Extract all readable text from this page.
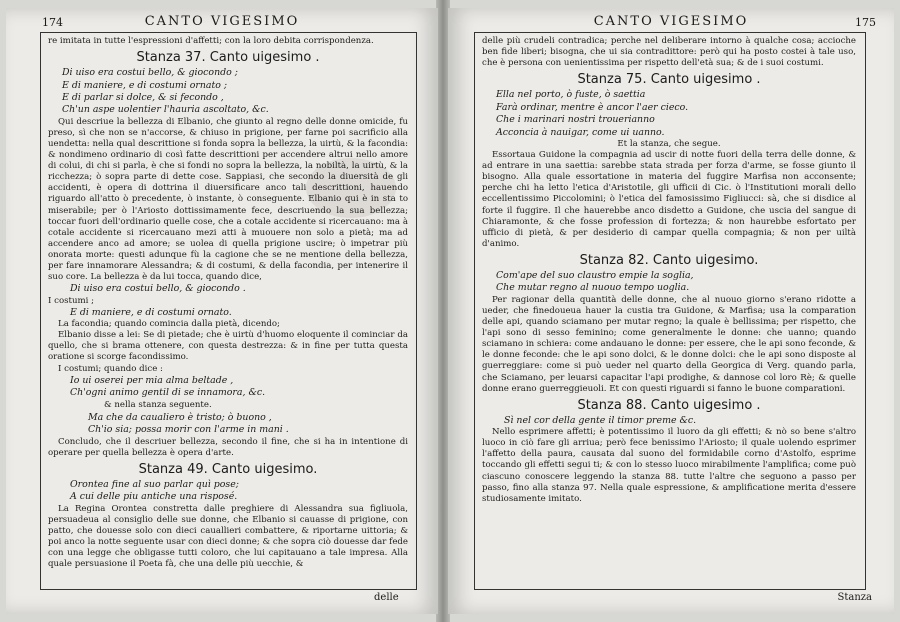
174	CANTO VIGESIMO

re imitata in tutte l'espressioni d'affetti; con la loro debita corrispondenza.

Stanza 37. Canto uigesimo .

Di uiso era costui bello, & giocondo ;

E di maniere, e di costumi ornato ;

E di parlar si dolce, & si fecondo ,

Ch'un aspe uolentier l'hauria ascoltato, &c.

Qui descriue la bellezza di Elbanio, che giunto al regno delle donne omicide, fu preso, sì che non se n'accorse, & chiuso in prigione, per farne poi sacrificio alla uendetta: nella qual descrittione si fonda sopra la bellezza, la uirtù, & la facondia: & nondimeno ordinario di così fatte descrittioni per accendere altrui nello amore di colui, di chi si parla, è che si fondi no sopra la bellezza, la nobiltà, la uirtù, & la ricchezza; ò sopra parte di dette cose. Sappiasi, che secondo la diuersità de gli accidenti, è opera di dottrina il diuersificare anco tali descrittioni, hauendo riguardo all'atto ò precedente, ò instante, ò conseguente. Elbanio qui è in sta to miserabile; per ò l'Ariosto dottissimamente fece, descriuendo la sua bellezza; toccar fuori dell'ordinario quelle cose, che a cotale accidente si ricercauano: ma à cotale accidente si ricercauano mezi atti à muouere non solo a pietà; ma ad accendere anco ad amore; se uolea di quella prigione uscire; ò impetrar più onorata morte: questi adunque fù la cagione che se ne mentione della bellezza, per fare innamorare Alessandra; & di costumi, & della facondia, per intenerire il suo core. La bellezza è da lui tocca, quando dice,

Di uiso era costui bello, & giocondo .

I costumi ;

E di maniere, e di costumi ornato.

La facondia; quando comincia dalla pietà, dicendo;

Elbanio disse a lei: Se di pietade; che è uirtù d'huomo eloquente il cominciar da quello, che si brama ottenere, con questa destrezza: & in fine per tutta questa oratione si scorge facondissimo.

I costumi; quando dice :

Io ui oserei per mia alma beltade ,

Ch'ogni animo gentil di se innamora, &c.

& nella stanza seguente.

Ma che da caualiero è tristo; ò buono ,

Ch'io sia; possa morir con l'arme in mani .

Concludo, che il descriuer bellezza, secondo il fine, che si ha in intentione di operare per quella bellezza è opera d'arte.

Stanza 49. Canto uigesimo.

Orontea fine al suo parlar quì pose;

A cui delle piu antiche una risposé.

La Regina Orontea constretta dalle preghiere di Alessandra sua figliuola, persuadeua al consiglio delle sue donne, che Elbanio si cauasse di prigione, con patto, che douesse solo con dieci cauallieri combattere, & riportarne uittoria; & poi anco la notte seguente usar con dieci donne; & che sopra ciò douesse dar fede con una legge che obligasse tutti coloro, che lui capitauano a tale impresa. Alla quale persuasione il Poeta fà, che una delle più uecchie, &

delle
CANTO VIGESIMO	175

delle più crudeli contradica; perche nel deliberare intorno à qualche cosa; accioche ben fide liberi; bisogna, che ui sia contradittore: però qui ha posto costei à tale uso, che è persona con uenientissima per rispetto dell'età sua; & de i suoi costumi.

Stanza 75. Canto uigesimo .

Ella nel porto, ò fuste, ò saettia

Farà ordinar, mentre è ancor l'aer cieco.

Che i marinari nostri trouerianno

Acconcia à nauigar, come ui uanno.

Et la stanza, che segue.

Essortaua Guidone la compagnia ad uscir di notte fuori della terra delle donne, & ad entrare in una saettia: sarebbe stata strada per forza d'arme, se fosse giunto il bisogno. Alla quale essortatione in materia del fuggire Marfisa non acconsente; perche chi ha letto l'etica d'Aristotile, gli ufficii di Cic. ò l'Institutioni morali dello eccellentissimo Piccolomini; ò l'etica del famosissimo Figliucci: sà, che si disdice al forte il fuggire. Il che hauerebbe anco disdetto a Guidone, che uscia del sangue di Chiaramonte, & che fosse profession di fortezza; & non haurebbe esfortato per ufficio di pietà, & per desiderio di campar quella compagnia; & non per uiltà d'animo.

Stanza 82. Canto uigesimo.

Com'ape del suo claustro empie la soglia,

Che mutar regno al nuouo tempo uoglia.

Per ragionar della quantità delle donne, che al nuouo giorno s'erano ridotte a ueder, che finedoueua hauer la custia tra Guidone, & Marfisa; usa la comparation delle api, quando sciamano per mutar regno; la quale è bellissima; per rispetto, che l'api sono di sesso feminino; come generalmente le donne: che uanno; quando sciamano in schiera: come andauano le donne: per essere, che le api sono feconde, & le donne feconde: che le api sono dolci, & le donne dolci: che le api sono disposte al guerreggiare: come si può ueder nel quarto della Georgica di Verg. quando parla, che Sciamano, per leuarsi capacitar l'api prodighe, & dannose col loro Rè; & quelle donne erano guerreggieuoli. Et con questi riguardi si fanno le buone comparationi.

Stanza 88. Canto uigesimo .

Sì nel cor della gente il timor preme &c.

Nello esprimere affetti; è potentissimo il luoro da gli effetti; & nò so bene s'altro luoco in ciò fare gli arriua; però fece benissimo l'Ariosto; il quale uolendo esprimer l'affetto della paura, causata dal suono del formidabile corno d'Astolfo, esprime toccando gli effetti segui ti; & con lo stesso luoco mirabilmente l'amplifica; come può ciascuno conoscere leggendo la stanza 88. tutte l'altre che seguono a passo per passo, fino alla stanza 97. Nella quale espressione, & amplificatione merita d'essere studiosamente imitato.

Stanza
